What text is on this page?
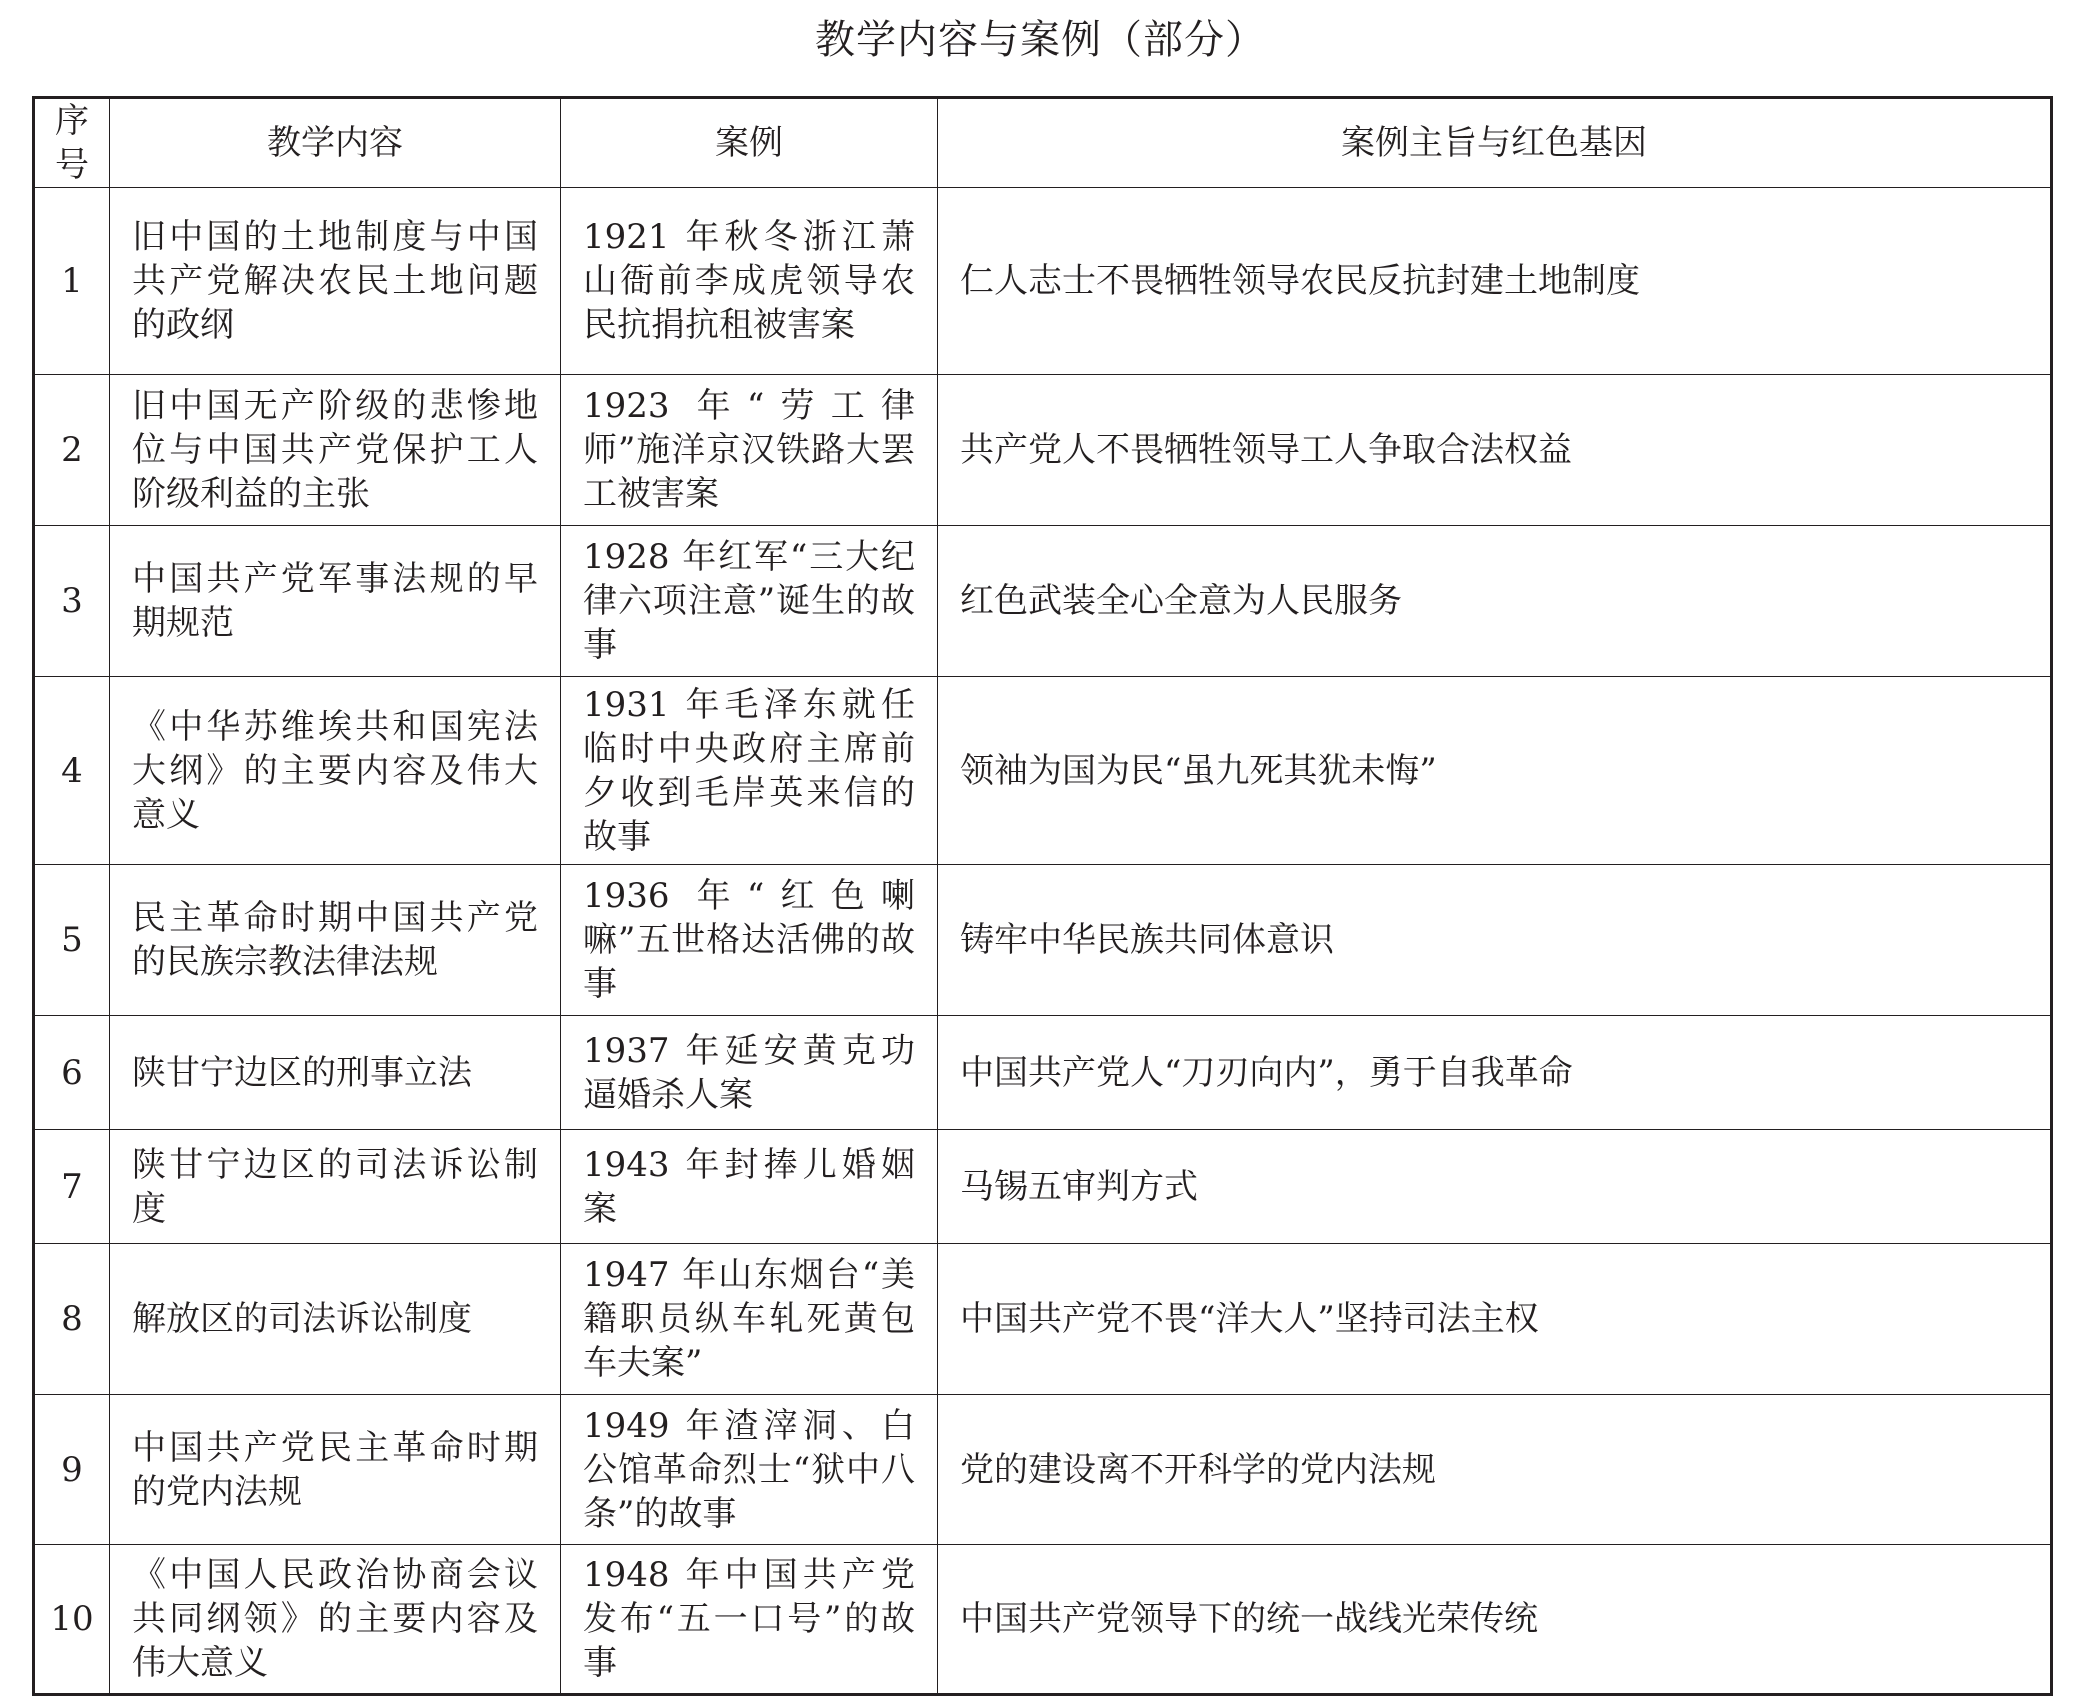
教学内容与案例（部分）
序号	教学内容	案例	案例主旨与红色基因
1	旧中国的土地制度与中国共产党解决农民土地问题的政纲	1921 年秋冬浙江萧山衙前李成虎领导农民抗捐抗租被害案	仁人志士不畏牺牲领导农民反抗封建土地制度
2	旧中国无产阶级的悲惨地位与中国共产党保护工人阶级利益的主张	1923 年“劳工律师”施洋京汉铁路大罢工被害案	共产党人不畏牺牲领导工人争取合法权益
3	中国共产党军事法规的早期规范	1928 年红军“三大纪律六项注意”诞生的故事	红色武装全心全意为人民服务
4	《中华苏维埃共和国宪法大纲》的主要内容及伟大意义	1931 年毛泽东就任临时中央政府主席前夕收到毛岸英来信的故事	领袖为国为民“虽九死其犹未悔”
5	民主革命时期中国共产党的民族宗教法律法规	1936 年“红色喇嘛”五世格达活佛的故事	铸牢中华民族共同体意识
6	陕甘宁边区的刑事立法	1937 年延安黄克功逼婚杀人案	中国共产党人“刀刃向内”，勇于自我革命
7	陕甘宁边区的司法诉讼制度	1943 年封捧儿婚姻案	马锡五审判方式
8	解放区的司法诉讼制度	1947 年山东烟台“美籍职员纵车轧死黄包车夫案”	中国共产党不畏“洋大人”坚持司法主权
9	中国共产党民主革命时期的党内法规	1949 年渣滓洞、白公馆革命烈士“狱中八条”的故事	党的建设离不开科学的党内法规
10	《中国人民政治协商会议共同纲领》的主要内容及伟大意义	1948 年中国共产党发布“五一口号”的故事	中国共产党领导下的统一战线光荣传统
